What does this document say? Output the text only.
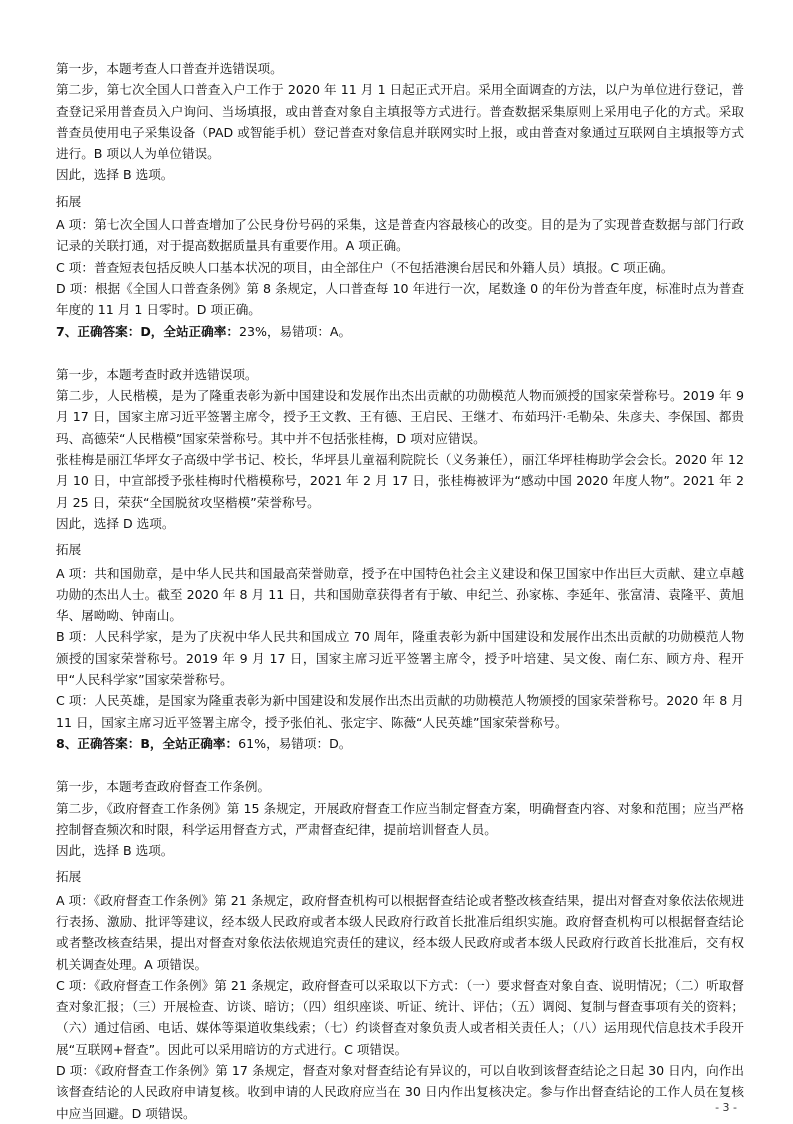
第一步，本题考查人口普查并选错误项。

第二步，第七次全国人口普查入户工作于 2020 年 11 月 1 日起正式开启。采用全面调查的方法，以户为单位进行登记，普查登记采用普查员入户询问、当场填报，或由普查对象自主填报等方式进行。普查数据采集原则上采用电子化的方式。采取普查员使用电子采集设备（PAD 或智能手机）登记普查对象信息并联网实时上报，或由普查对象通过互联网自主填报等方式进行。B 项以人为单位错误。

因此，选择 B 选项。

拓展

A 项：第七次全国人口普查增加了公民身份号码的采集，这是普查内容最核心的改变。目的是为了实现普查数据与部门行政记录的关联打通，对于提高数据质量具有重要作用。A 项正确。

C 项：普查短表包括反映人口基本状况的项目，由全部住户（不包括港澳台居民和外籍人员）填报。C 项正确。

D 项：根据《全国人口普查条例》第 8 条规定，人口普查每 10 年进行一次，尾数逢 0 的年份为普查年度，标准时点为普查年度的 11 月 1 日零时。D 项正确。

7、正确答案：D，全站正确率：23%，易错项：A。

第一步，本题考查时政并选错误项。

第二步，人民楷模，是为了隆重表彰为新中国建设和发展作出杰出贡献的功勋模范人物而颁授的国家荣誉称号。2019 年 9 月 17 日，国家主席习近平签署主席令，授予王文教、王有德、王启民、王继才、布茹玛汗·毛勒朵、朱彦夫、李保国、都贵玛、高德荣“人民楷模”国家荣誉称号。其中并不包括张桂梅，D 项对应错误。

张桂梅是丽江华坪女子高级中学书记、校长，华坪县儿童福利院院长（义务兼任），丽江华坪桂梅助学会会长。2020 年 12 月 10 日，中宣部授予张桂梅时代楷模称号，2021 年 2 月 17 日，张桂梅被评为“感动中国 2020 年度人物”。2021 年 2 月 25 日，荣获“全国脱贫攻坚楷模”荣誉称号。

因此，选择 D 选项。

拓展

A 项：共和国勋章，是中华人民共和国最高荣誉勋章，授予在中国特色社会主义建设和保卫国家中作出巨大贡献、建立卓越功勋的杰出人士。截至 2020 年 8 月 11 日，共和国勋章获得者有于敏、申纪兰、孙家栋、李延年、张富清、袁隆平、黄旭华、屠呦呦、钟南山。

B 项：人民科学家，是为了庆祝中华人民共和国成立 70 周年，隆重表彰为新中国建设和发展作出杰出贡献的功勋模范人物颁授的国家荣誉称号。2019 年 9 月 17 日，国家主席习近平签署主席令，授予叶培建、吴文俊、南仁东、顾方舟、程开甲“人民科学家”国家荣誉称号。

C 项：人民英雄，是国家为隆重表彰为新中国建设和发展作出杰出贡献的功勋模范人物颁授的国家荣誉称号。2020 年 8 月 11 日，国家主席习近平签署主席令，授予张伯礼、张定宇、陈薇“人民英雄”国家荣誉称号。

8、正确答案：B，全站正确率：61%，易错项：D。

第一步，本题考查政府督查工作条例。

第二步，《政府督查工作条例》第 15 条规定，开展政府督查工作应当制定督查方案，明确督查内容、对象和范围；应当严格控制督查频次和时限，科学运用督查方式，严肃督查纪律，提前培训督查人员。

因此，选择 B 选项。

拓展

A 项：《政府督查工作条例》第 21 条规定，政府督查机构可以根据督查结论或者整改核查结果，提出对督查对象依法依规进行表扬、激励、批评等建议，经本级人民政府或者本级人民政府行政首长批准后组织实施。政府督查机构可以根据督查结论或者整改核查结果，提出对督查对象依法依规追究责任的建议，经本级人民政府或者本级人民政府行政首长批准后，交有权机关调查处理。A 项错误。

C 项：《政府督查工作条例》第 21 条规定，政府督查可以采取以下方式：（一）要求督查对象自查、说明情况；（二）听取督查对象汇报；（三）开展检查、访谈、暗访；（四）组织座谈、听证、统计、评估；（五）调阅、复制与督查事项有关的资料；（六）通过信函、电话、媒体等渠道收集线索；（七）约谈督查对象负责人或者相关责任人；（八）运用现代信息技术手段开展“互联网+督查”。因此可以采用暗访的方式进行。C 项错误。

D 项：《政府督查工作条例》第 17 条规定，督查对象对督查结论有异议的，可以自收到该督查结论之日起 30 日内，向作出该督查结论的人民政府申请复核。收到申请的人民政府应当在 30 日内作出复核决定。参与作出督查结论的工作人员在复核中应当回避。D 项错误。	- 3 -
